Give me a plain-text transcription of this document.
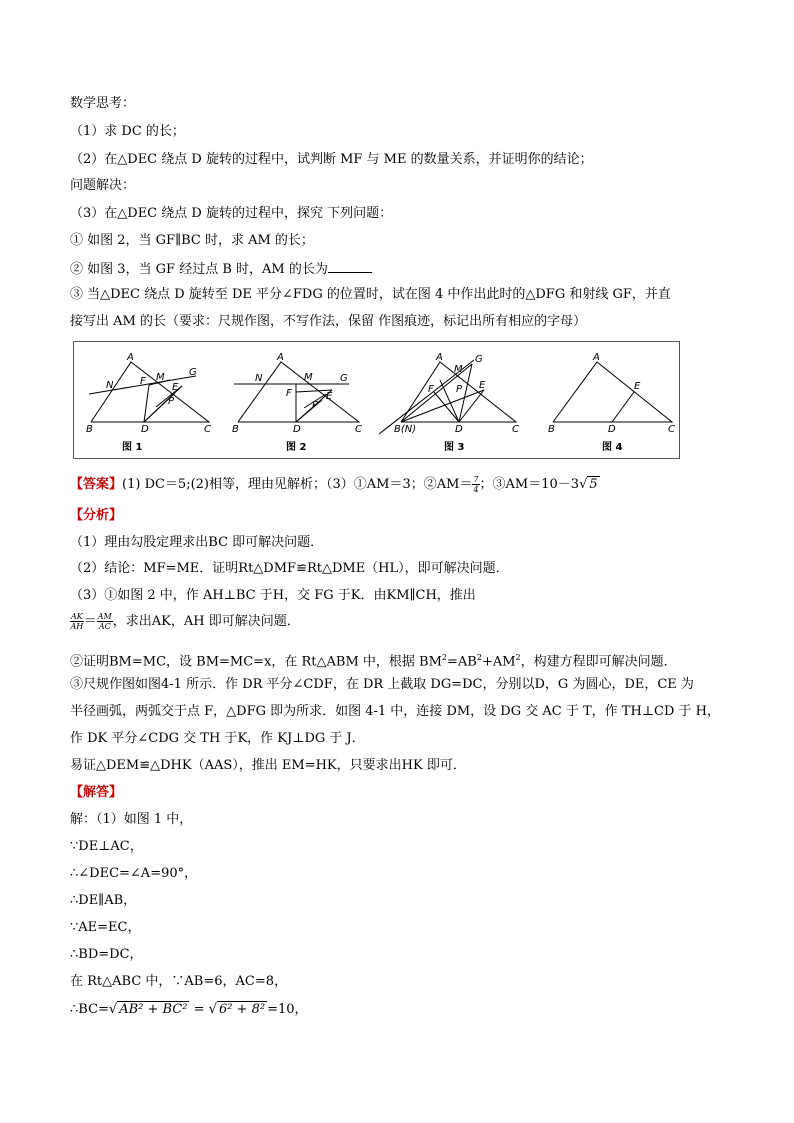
数学思考：
（1）求 DC 的长；
（2）在△DEC 绕点 D 旋转的过程中，试判断 MF 与 ME 的数量关系，并证明你的结论；
问题解决：
（3）在△DEC 绕点 D 旋转的过程中，探究 下列问题：
① 如图 2，当 GF∥BC 时，求 AM 的长；
② 如图 3，当 GF 经过点 B 时，AM 的长为
③ 当△DEC 绕点 D 旋转至 DE 平分∠FDG 的位置时，试在图 4 中作出此时的△DFG 和射线 GF，并直
接写出 AM 的长（要求：尺规作图，不写作法，保留 作图痕迹，标记出所有相应的字母）
A
N	F M
E
G
P
B	D	C
图 1
A
N	M	G
F	E
P
B	D	C
图 2
A	G
M
F P E
B(N)	D	C
图 3
A
E
B	D	C
图 4
【答案】(1) DC＝5;(2)相等，理由见解析；（3）①AM＝3；②AM＝ $\frac{7}{4}$ ；③AM＝10－3√ 5
【分析】
（1）理由勾股定理求出BC 即可解决问题．
（2）结论：MF=ME．证明Rt△DMF≌Rt△DME（HL），即可解决问题．
（3）①如图 2 中，作 AH⊥BC 于H，交 FG 于K．由KM∥CH，推出
$\frac{AK}{AH} = \frac{AM}{AC}$ ，求出AK，AH 即可解决问题．
②证明BM=MC，设 BM=MC=x，在 Rt△ABM 中，根据 $BM^2=AB^2+AM^2$，构建方程即可解决问题．
③尺规作图如图4-1 所示．作 DR 平分∠CDF，在 DR 上截取 DG=DC，分别以D，G 为圆心，DE，CE 为
半径画弧，两弧交于点 F，△DFG 即为所求．如图 4-1 中，连接 DM，设 DG 交 AC 于 T，作 TH⊥CD 于 H，
作 DK 平分∠CDG 交 TH 于K，作 KJ⊥DG 于 J．
易证△DEM≌△DHK（AAS），推出 EM=HK，只要求出HK 即可．
【解答】
解：（1）如图 1 中，
∵DE⊥AC，
∴∠DEC=∠A=90°，
∴DE∥AB，
∵AE=EC，
∴BD=DC，
在 Rt△ABC 中，∵AB=6，AC=8，
∴BC=√ AB² + BC² = √ 6² + 8² =10，
